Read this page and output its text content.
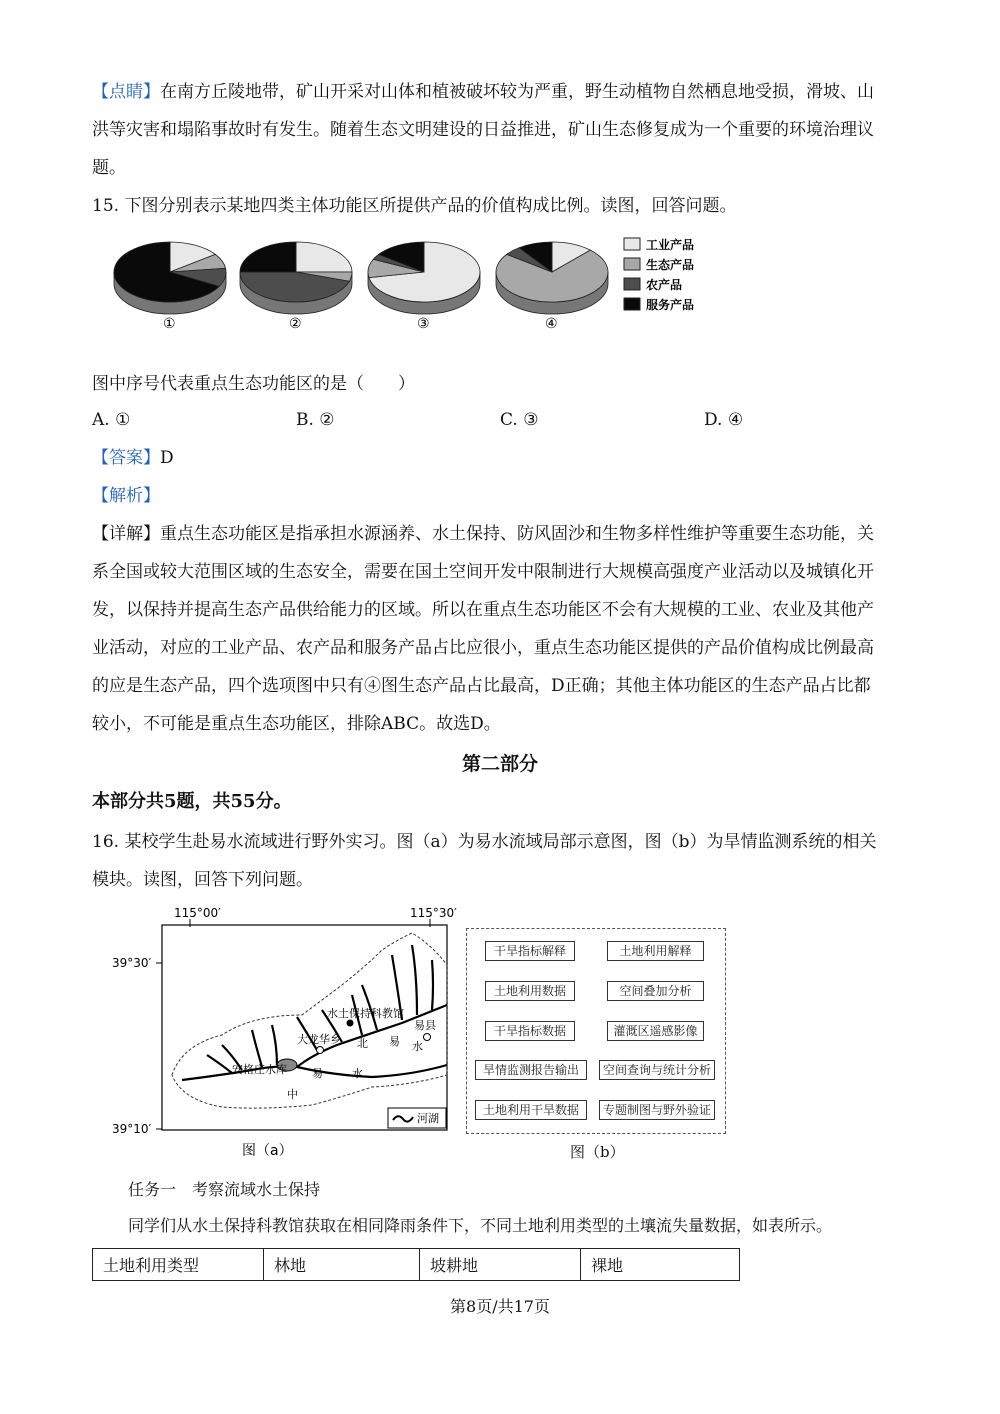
【点睛】在南方丘陵地带，矿山开采对山体和植被破坏较为严重，野生动植物自然栖息地受损，滑坡、山
洪等灾害和塌陷事故时有发生。随着生态文明建设的日益推进，矿山生态修复成为一个重要的环境治理议
题。
15. 下图分别表示某地四类主体功能区所提供产品的价值构成比例。读图，回答问题。
①	②	③	④
工业产品
生态产品
农产品
服务产品
图中序号代表重点生态功能区的是（　　）
A. ①	B. ②	C. ③	D. ④
【答案】D
【解析】
【详解】重点生态功能区是指承担水源涵养、水土保持、防风固沙和生物多样性维护等重要生态功能，关
系全国或较大范围区域的生态安全，需要在国土空间开发中限制进行大规模高强度产业活动以及城镇化开
发，以保持并提高生态产品供给能力的区域。所以在重点生态功能区不会有大规模的工业、农业及其他产
业活动，对应的工业产品、农产品和服务产品占比应很小，重点生态功能区提供的产品价值构成比例最高
的应是生态产品，四个选项图中只有④图生态产品占比最高，D正确；其他主体功能区的生态产品占比都
较小，不可能是重点生态功能区，排除ABC。故选D。
第二部分
本部分共5题，共55分。
16. 某校学生赴易水流域进行野外实习。图（a）为易水流域局部示意图，图（b）为旱情监测系统的相关
模块。读图，回答下列问题。
115°00′	115°30′
39°30′
39°10′
水土保持科教馆
大龙华乡
易县
安格庄水库
北 易 水
中
易	水
河湖
图（a）
干旱指标解释	土地利用解释
土地利用数据	空间叠加分析
干旱指标数据	灌溉区遥感影像
旱情监测报告输出	空间查询与统计分析
土地利用干旱数据	专题制图与野外验证
图（b）
任务一　考察流域水土保持
同学们从水土保持科教馆获取在相同降雨条件下，不同土地利用类型的土壤流失量数据，如表所示。
土地利用类型	林地	坡耕地	裸地
第8页/共17页
